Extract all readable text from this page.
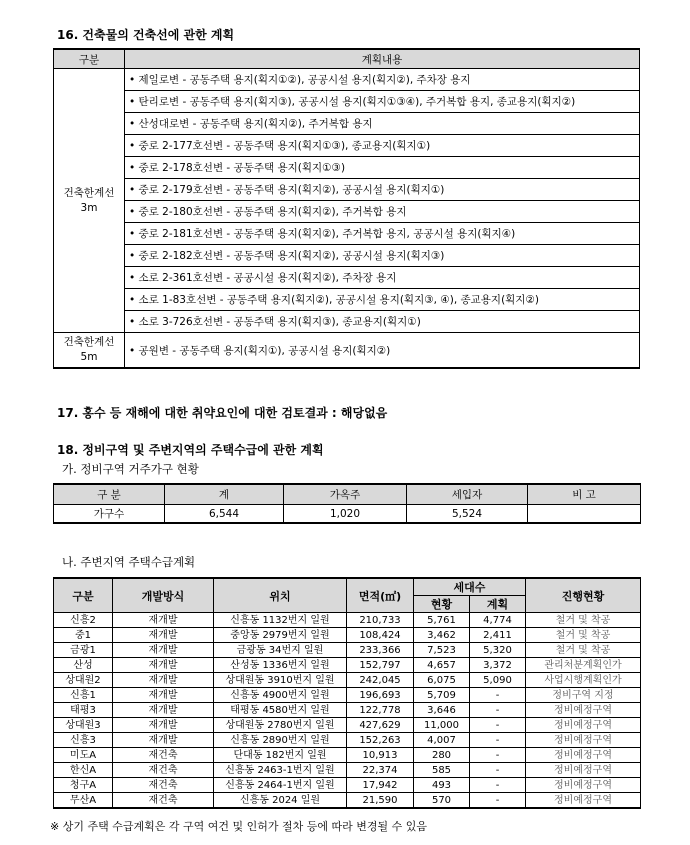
16. 건축물의 건축선에 관한 계획
구분	계획내용

건축한계선
3m	• 제일로변 - 공동주택 용지(획지①②), 공공시설 용지(획지②), 주차장 용지
	• 탄리로변 - 공동주택 용지(획지③), 공공시설 용지(획지①③④), 주거복합 용지, 종교용지(획지②)
	• 산성대로변 - 공동주택 용지(획지②), 주거복합 용지
	• 중로 2-177호선변 - 공동주택 용지(획지①③), 종교용지(획지①)
	• 중로 2-178호선변 - 공동주택 용지(획지①③)
	• 중로 2-179호선변 - 공동주택 용지(획지②), 공공시설 용지(획지①)
	• 중로 2-180호선변 - 공동주택 용지(획지②), 주거복합 용지
	• 중로 2-181호선변 - 공동주택 용지(획지②), 주거복합 용지, 공공시설 용지(획지④)
	• 중로 2-182호선변 - 공동주택 용지(획지②), 공공시설 용지(획지③)
	• 소로 2-361호선변 - 공공시설 용지(획지②), 주차장 용지
	• 소로 1-83호선변 - 공동주택 용지(획지②), 공공시설 용지(획지③, ④), 종교용지(획지②)
	• 소로 3-726호선변 - 공동주택 용지(획지③), 종교용지(획지①)

건축한계선
5m	• 공원변 - 공동주택 용지(획지①), 공공시설 용지(획지②)
17. 홍수 등 재해에 대한 취약요인에 대한 검토결과 : 해당없음
18. 정비구역 및 주변지역의 주택수급에 관한 계획
가. 정비구역 거주가구 현황
구 분	계	가옥주	세입자	비 고
가구수	6,544	1,020	5,524	
나. 주변지역 주택수급계획
구분	개발방식	위치	면적(㎡)	세대수		진행현황
				현황	계획	
신흥2	재개발	신흥동 1132번지 일원	210,733	5,761	4,774	철거 및 착공
중1	재개발	중앙동 2979번지 일원	108,424	3,462	2,411	철거 및 착공
금광1	재개발	금광동 34번지 일원	233,366	7,523	5,320	철거 및 착공
산성	재개발	산성동 1336번지 일원	152,797	4,657	3,372	관리처분계획인가
상대원2	재개발	상대원동 3910번지 일원	242,045	6,075	5,090	사업시행계획인가
신흥1	재개발	신흥동 4900번지 일원	196,693	5,709	-	정비구역 지정
태평3	재개발	태평동 4580번지 일원	122,778	3,646	-	정비예정구역
상대원3	재개발	상대원동 2780번지 일원	427,629	11,000	-	정비예정구역
신흥3	재개발	신흥동 2890번지 일원	152,263	4,007	-	정비예정구역
미도A	재건축	단대동 182번지 일원	10,913	280	-	정비예정구역
한신A	재건축	신흥동 2463-1번지 일원	22,374	585	-	정비예정구역
청구A	재건축	신흥동 2464-1번지 일원	17,942	493	-	정비예정구역
무산A	재건축	신흥동 2024 일원	21,590	570	-	정비예정구역
※ 상기 주택 수급계획은 각 구역 여건 및 인허가 절차 등에 따라 변경될 수 있음
